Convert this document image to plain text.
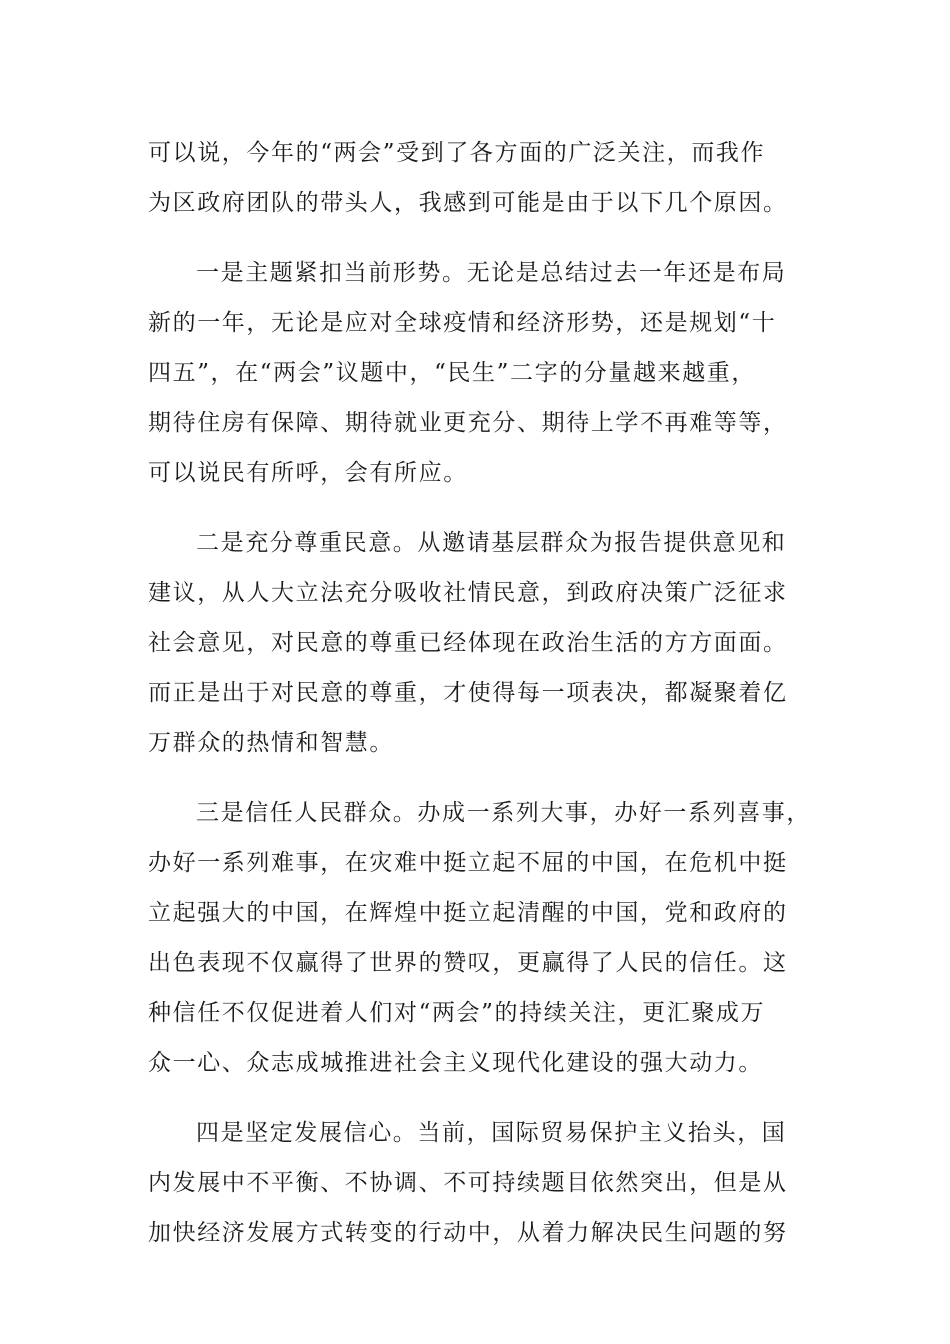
可以说，今年的“两会”受到了各方面的广泛关注，而我作
为区政府团队的带头人，我感到可能是由于以下几个原因。
一是主题紧扣当前形势。无论是总结过去一年还是布局
新的一年，无论是应对全球疫情和经济形势，还是规划“十
四五”，在“两会”议题中，“民生”二字的分量越来越重，
期待住房有保障、期待就业更充分、期待上学不再难等等，
可以说民有所呼，会有所应。
二是充分尊重民意。从邀请基层群众为报告提供意见和
建议，从人大立法充分吸收社情民意，到政府决策广泛征求
社会意见，对民意的尊重已经体现在政治生活的方方面面。
而正是出于对民意的尊重，才使得每一项表决，都凝聚着亿
万群众的热情和智慧。
三是信任人民群众。办成一系列大事，办好一系列喜事，
办好一系列难事，在灾难中挺立起不屈的中国，在危机中挺
立起强大的中国，在辉煌中挺立起清醒的中国，党和政府的
出色表现不仅赢得了世界的赞叹，更赢得了人民的信任。这
种信任不仅促进着人们对“两会”的持续关注，更汇聚成万
众一心、众志成城推进社会主义现代化建设的强大动力。
四是坚定发展信心。当前，国际贸易保护主义抬头，国
内发展中不平衡、不协调、不可持续题目依然突出，但是从
加快经济发展方式转变的行动中，从着力解决民生问题的努
